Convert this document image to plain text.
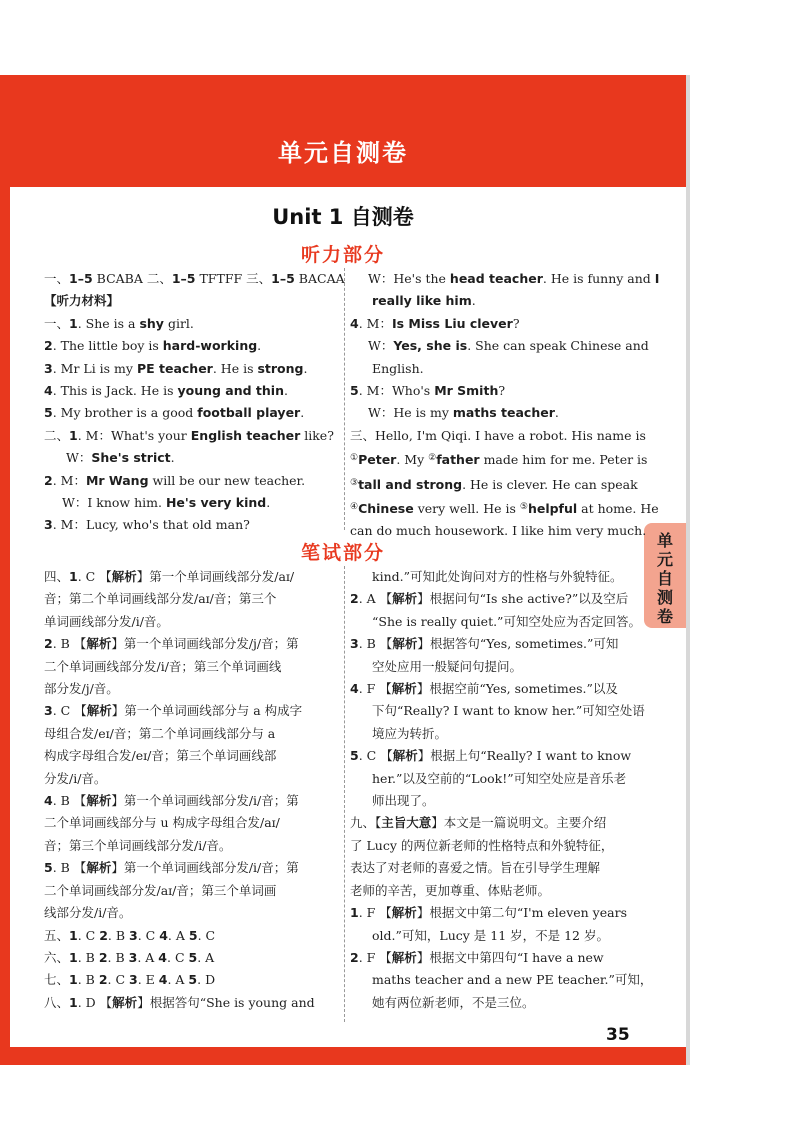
单元自测卷
Unit 1 自测卷
听力部分
笔试部分
单
元
自
测
卷
一、1–5 BCABA 二、1–5 TFTFF 三、1–5 BACAA
【听力材料】
一、1. She is a shy girl.
2. The little boy is hard-working.
3. Mr Li is my PE teacher. He is strong.
4. This is Jack. He is young and thin.
5. My brother is a good football player.
二、1. M：What's your English teacher like?
W：She's strict.
2. M：Mr Wang will be our new teacher.
W：I know him. He's very kind.
3. M：Lucy, who's that old man?
W：He's the head teacher. He is funny and I
really like him.
4. M：Is Miss Liu clever?
W：Yes, she is. She can speak Chinese and
English.
5. M：Who's Mr Smith?
W：He is my maths teacher.
三、Hello, I'm Qiqi. I have a robot. His name is
①Peter. My ②father made him for me. Peter is
③tall and strong. He is clever. He can speak
④Chinese very well. He is ⑤helpful at home. He
can do much housework. I like him very much.
四、1. C 【解析】第一个单词画线部分发/aɪ/
音；第二个单词画线部分发/aɪ/音；第三个
单词画线部分发/i/音。
2. B 【解析】第一个单词画线部分发/j/音；第
二个单词画线部分发/i/音；第三个单词画线
部分发/j/音。
3. C 【解析】第一个单词画线部分与 a 构成字
母组合发/eɪ/音；第二个单词画线部分与 a
构成字母组合发/eɪ/音；第三个单词画线部
分发/i/音。
4. B 【解析】第一个单词画线部分发/i/音；第
二个单词画线部分与 u 构成字母组合发/aɪ/
音；第三个单词画线部分发/i/音。
5. B 【解析】第一个单词画线部分发/i/音；第
二个单词画线部分发/aɪ/音；第三个单词画
线部分发/i/音。
五、1. C 2. B 3. C 4. A 5. C
六、1. B 2. B 3. A 4. C 5. A
七、1. B 2. C 3. E 4. A 5. D
八、1. D 【解析】根据答句“She is young and
kind.”可知此处询问对方的性格与外貌特征。
2. A 【解析】根据问句“Is she active?”以及空后
“She is really quiet.”可知空处应为否定回答。
3. B 【解析】根据答句“Yes, sometimes.”可知
空处应用一般疑问句提问。
4. F 【解析】根据空前“Yes, sometimes.”以及
下句“Really? I want to know her.”可知空处语
境应为转折。
5. C 【解析】根据上句“Really? I want to know
her.”以及空前的“Look!”可知空处应是音乐老
师出现了。
九、【主旨大意】本文是一篇说明文。主要介绍
了 Lucy 的两位新老师的性格特点和外貌特征，
表达了对老师的喜爱之情。旨在引导学生理解
老师的辛苦，更加尊重、体贴老师。
1. F 【解析】根据文中第二句“I'm eleven years
old.”可知，Lucy 是 11 岁，不是 12 岁。
2. F 【解析】根据文中第四句“I have a new
maths teacher and a new PE teacher.”可知，
她有两位新老师，不是三位。
35
